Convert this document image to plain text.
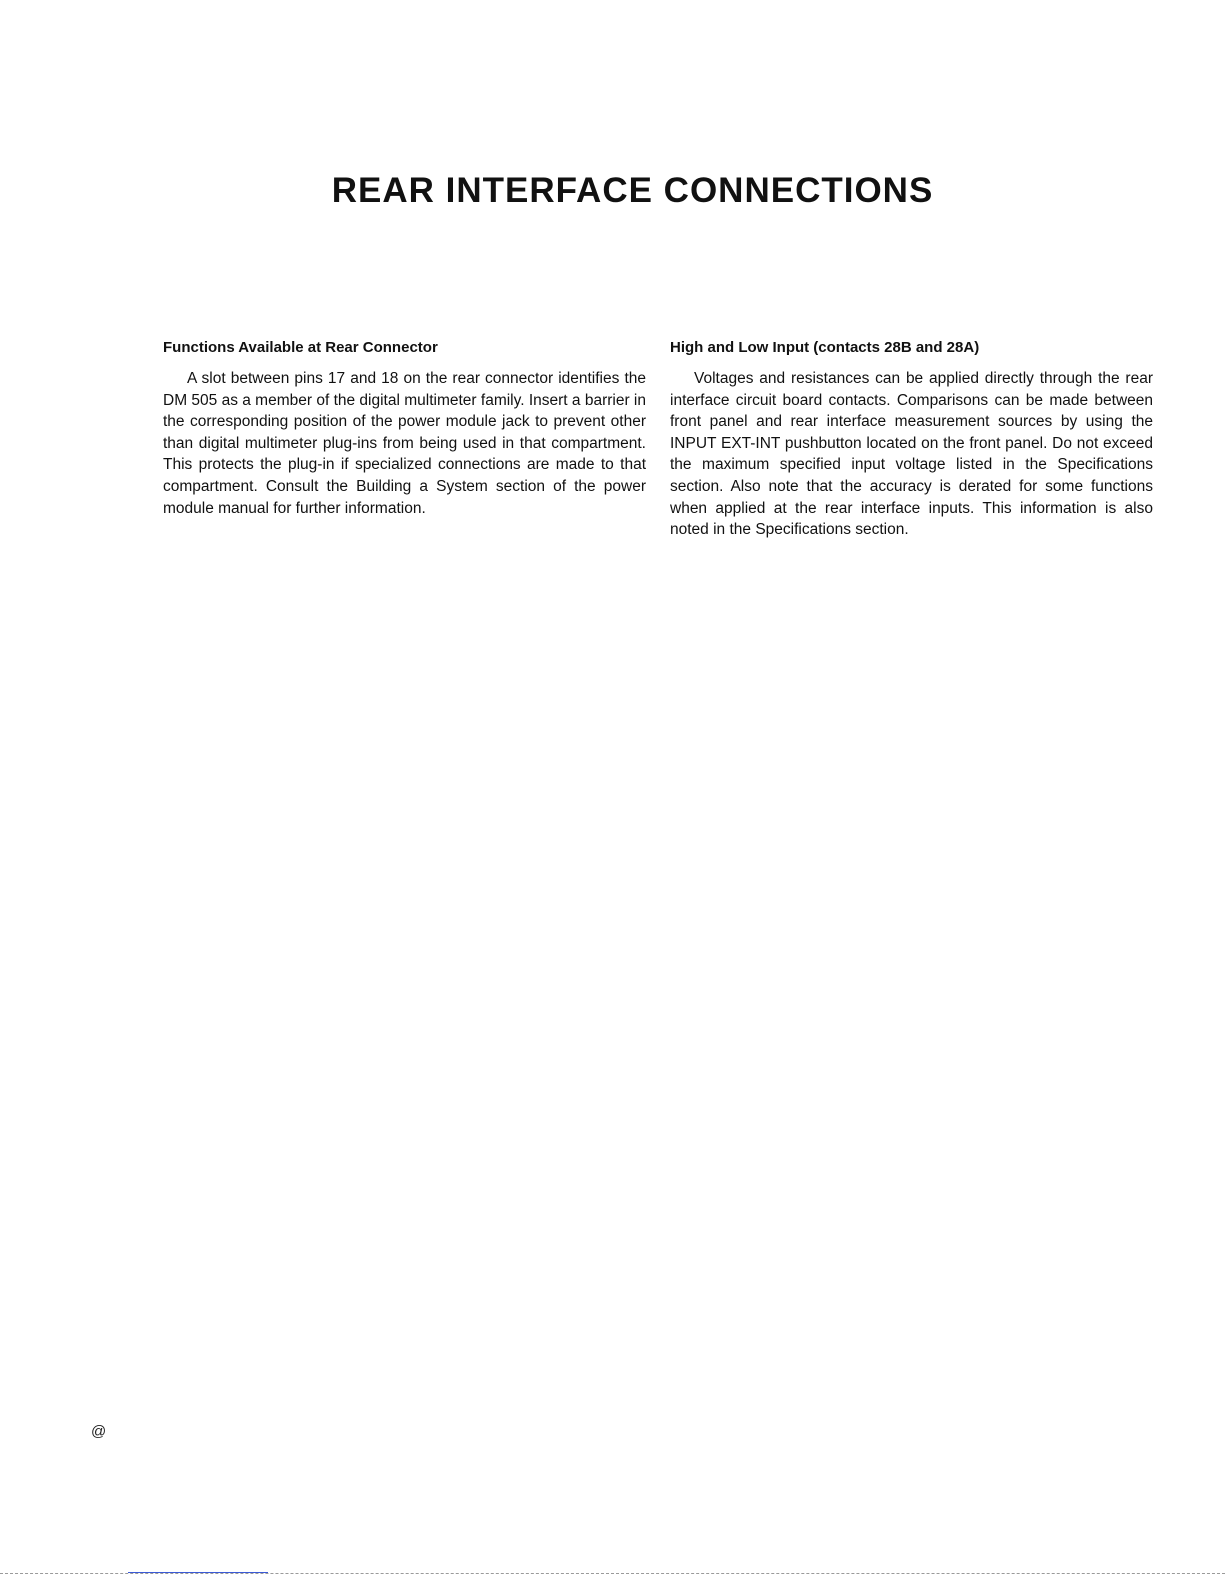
REAR INTERFACE CONNECTIONS
Functions Available at Rear Connector

A slot between pins 17 and 18 on the rear connector identifies the DM 505 as a member of the digital multimeter family. Insert a barrier in the corresponding position of the power module jack to prevent other than digital multimeter plug-ins from being used in that compartment. This protects the plug-in if specialized connections are made to that compartment. Consult the Building a System section of the power module manual for further information.

High and Low Input (contacts 28B and 28A)

Voltages and resistances can be applied directly through the rear interface circuit board contacts. Comparisons can be made between front panel and rear interface measurement sources by using the INPUT EXT-INT pushbutton located on the front panel. Do not exceed the maximum specified input voltage listed in the Specifications section. Also note that the accuracy is derated for some functions when applied at the rear interface inputs. This information is also noted in the Specifications section.

@
